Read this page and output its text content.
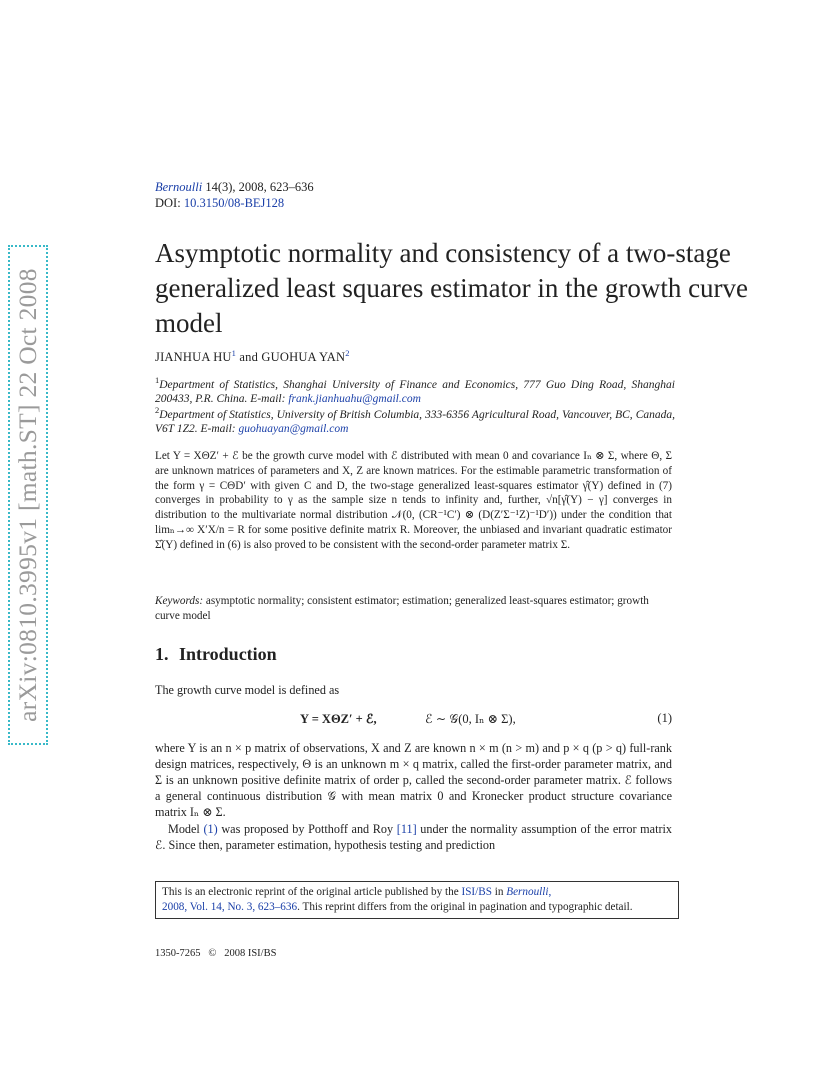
arXiv:0810.3995v1 [math.ST] 22 Oct 2008
Bernoulli 14(3), 2008, 623–636
DOI: 10.3150/08-BEJ128
Asymptotic normality and consistency of a two-stage generalized least squares estimator in the growth curve model
JIANHUA $HU^1$ and GUOHUA YAN$^2$
$^1$Department of Statistics, Shanghai University of Finance and Economics, 777 Guo Ding Road, Shanghai 200433, P.R. China. E-mail: frank.jianhuahu@gmail.com
$^2$Department of Statistics, University of British Columbia, 333-6356 Agricultural Road, Vancouver, BC, Canada, V6T 1Z2. E-mail: guohuayan@gmail.com
Let Y = XΘZ′ + ℰ be the growth curve model with ℰ distributed with mean 0 and covariance Iₙ ⊗ Σ, where Θ, Σ are unknown matrices of parameters and X, Z are known matrices. For the estimable parametric transformation of the form γ = CΘD′ with given C and D, the two-stage generalized least-squares estimator γ̂(Y) defined in (7) converges in probability to γ as the sample size n tends to infinity and, further, √n[γ̂(Y) − γ] converges in distribution to the multivariate normal distribution 𝒩(0, (CR⁻¹C′) ⊗ (D(Z′Σ⁻¹Z)⁻¹D′)) under the condition that limₙ→∞ X′X/n = R for some positive definite matrix R. Moreover, the unbiased and invariant quadratic estimator Σ̂(Y) defined in (6) is also proved to be consistent with the second-order parameter matrix Σ.
Keywords: asymptotic normality; consistent estimator; estimation; generalized least-squares estimator; growth curve model
1. Introduction
The growth curve model is defined as
Y = XΘZ′ + ℰ,	ℰ ∼ 𝒢(0, Iₙ ⊗ Σ),	(1)
where Y is an n × p matrix of observations, X and Z are known n × m (n > m) and p × q (p > q) full-rank design matrices, respectively, Θ is an unknown m × q matrix, called the first-order parameter matrix, and Σ is an unknown positive definite matrix of order p, called the second-order parameter matrix. ℰ follows a general continuous distribution 𝒢 with mean matrix 0 and Kronecker product structure covariance matrix Iₙ ⊗ Σ.
Model (1) was proposed by Potthoff and Roy [11] under the normality assumption of the error matrix ℰ. Since then, parameter estimation, hypothesis testing and prediction
This is an electronic reprint of the original article published by the ISI/BS in Bernoulli,
2008, Vol. 14, No. 3, 623–636. This reprint differs from the original in pagination and typographic detail.
1350-7265   ©   2008 ISI/BS
